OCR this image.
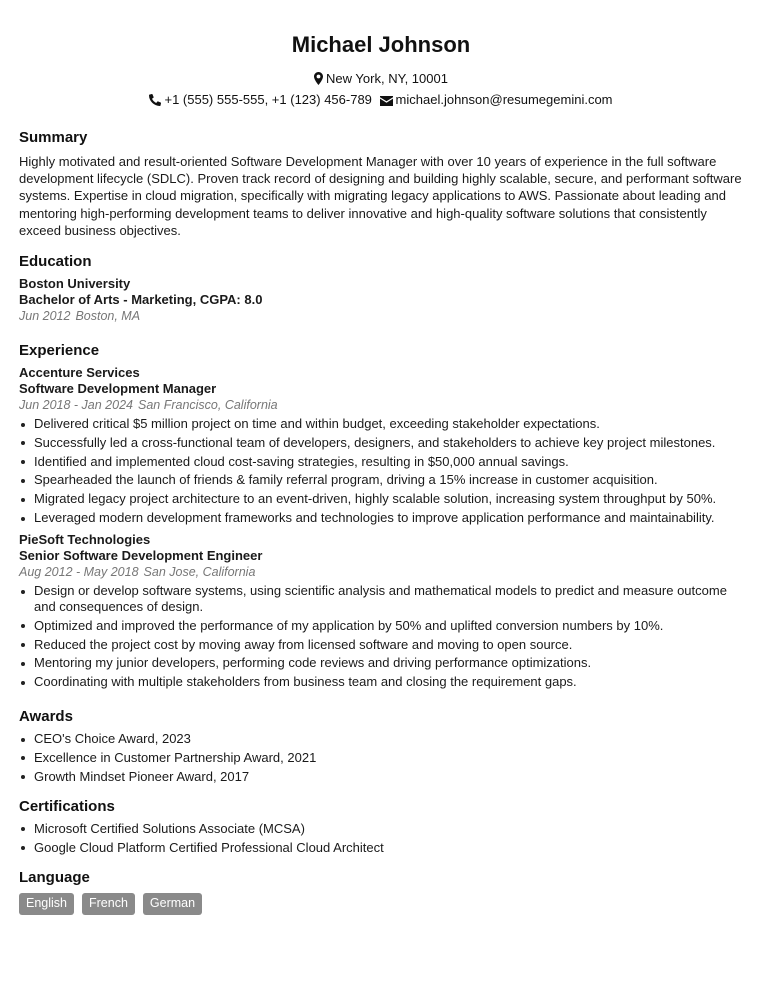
Michael Johnson
New York, NY, 10001
+1 (555) 555-555, +1 (123) 456-789 michael.johnson@resumegemini.com
Summary
Highly motivated and result-oriented Software Development Manager with over 10 years of experience in the full software development lifecycle (SDLC). Proven track record of designing and building highly scalable, secure, and performant software systems. Expertise in cloud migration, specifically with migrating legacy applications to AWS. Passionate about leading and mentoring high-performing development teams to deliver innovative and high-quality software solutions that consistently exceed business objectives.
Education
Boston University
Bachelor of Arts - Marketing, CGPA: 8.0
Jun 2012 Boston, MA
Experience
Accenture Services
Software Development Manager
Jun 2018 - Jan 2024 San Francisco, California
Delivered critical $5 million project on time and within budget, exceeding stakeholder expectations.
Successfully led a cross-functional team of developers, designers, and stakeholders to achieve key project milestones.
Identified and implemented cloud cost-saving strategies, resulting in $50,000 annual savings.
Spearheaded the launch of friends & family referral program, driving a 15% increase in customer acquisition.
Migrated legacy project architecture to an event-driven, highly scalable solution, increasing system throughput by 50%.
Leveraged modern development frameworks and technologies to improve application performance and maintainability.
PieSoft Technologies
Senior Software Development Engineer
Aug 2012 - May 2018 San Jose, California
Design or develop software systems, using scientific analysis and mathematical models to predict and measure outcome and consequences of design.
Optimized and improved the performance of my application by 50% and uplifted conversion numbers by 10%.
Reduced the project cost by moving away from licensed software and moving to open source.
Mentoring my junior developers, performing code reviews and driving performance optimizations.
Coordinating with multiple stakeholders from business team and closing the requirement gaps.
Awards
CEO's Choice Award, 2023
Excellence in Customer Partnership Award, 2021
Growth Mindset Pioneer Award, 2017
Certifications
Microsoft Certified Solutions Associate (MCSA)
Google Cloud Platform Certified Professional Cloud Architect
Language
English	French	German
